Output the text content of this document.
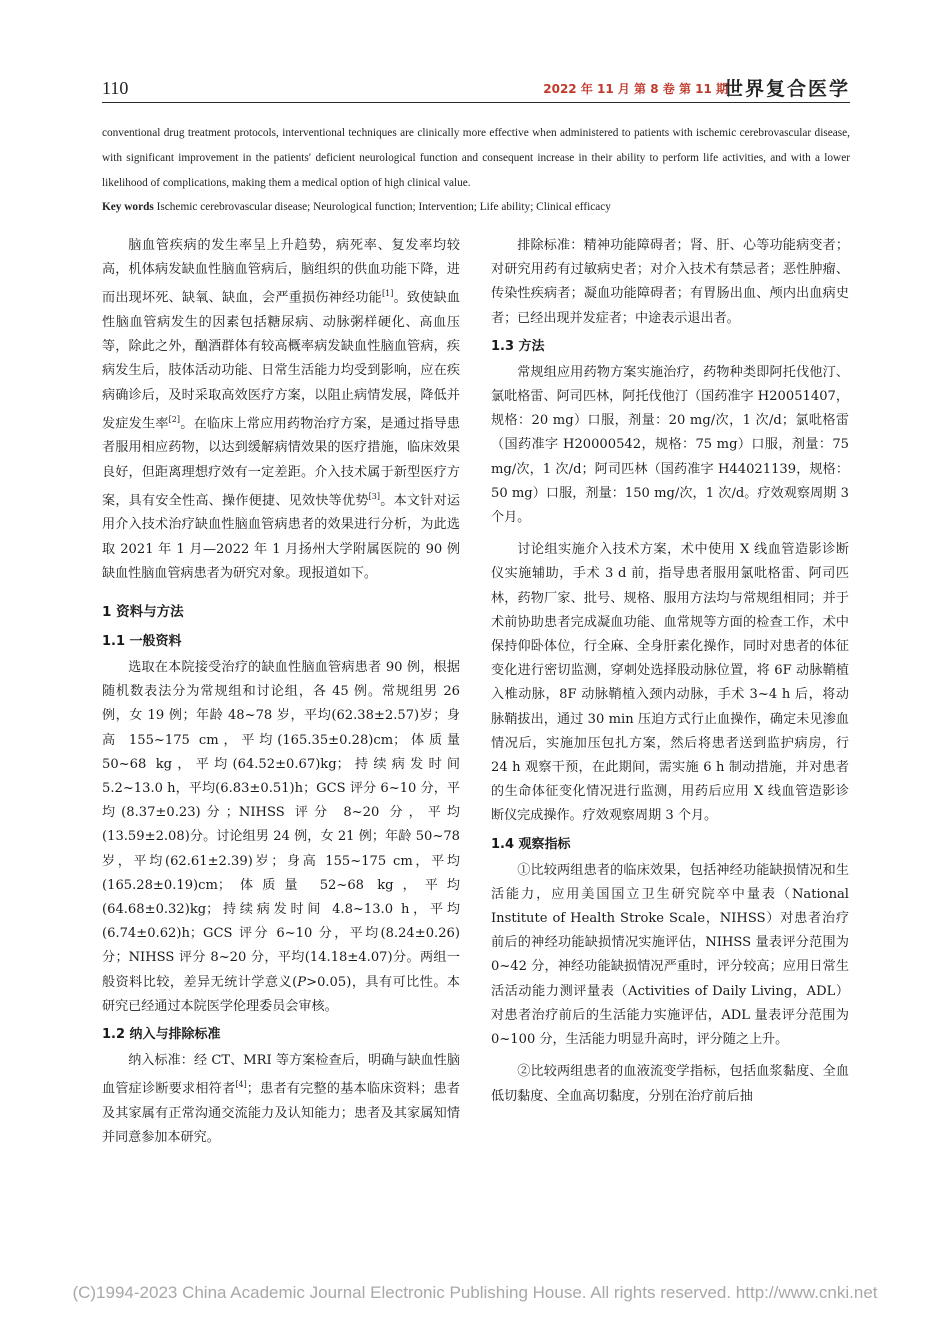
110	2022 年 11 月 第 8 卷 第 11 期
世界复合医学

conventional drug treatment protocols, interventional techniques are clinically more effective when administered to patients with ischemic cerebrovascular disease, with significant improvement in the patients′ deficient neurological function and consequent increase in their ability to perform life activities, and with a lower likelihood of complications, making them a medical option of high clinical value.

Key words Ischemic cerebrovascular disease; Neurological function; Intervention; Life ability; Clinical efficacy

脑血管疾病的发生率呈上升趋势，病死率、复发率均较高，机体病发缺血性脑血管病后，脑组织的供血功能下降，进而出现坏死、缺氧、缺血，会严重损伤神经功能[1]。致使缺血性脑血管病发生的因素包括糖尿病、动脉粥样硬化、高血压等，除此之外，酗酒群体有较高概率病发缺血性脑血管病，疾病发生后，肢体活动功能、日常生活能力均受到影响，应在疾病确诊后，及时采取高效医疗方案，以阻止病情发展，降低并发症发生率[2]。在临床上常应用药物治疗方案，是通过指导患者服用相应药物，以达到缓解病情效果的医疗措施，临床效果良好，但距离理想疗效有一定差距。介入技术属于新型医疗方案，具有安全性高、操作便捷、见效快等优势[3]。本文针对运用介入技术治疗缺血性脑血管病患者的效果进行分析，为此选取 2021 年 1 月—2022 年 1 月扬州大学附属医院的 90 例缺血性脑血管病患者为研究对象。现报道如下。

1 资料与方法
1.1 一般资料

选取在本院接受治疗的缺血性脑血管病患者 90 例，根据随机数表法分为常规组和讨论组，各 45 例。常规组男 26 例，女 19 例；年龄 48~78 岁，平均(62.38±2.57)岁；身高 155~175 cm，平均(165.35±0.28)cm；体质量 50~68 kg，平均(64.52±0.67)kg；持续病发时间 5.2~13.0 h，平均(6.83±0.51)h；GCS 评分 6~10 分，平均(8.37±0.23)分；NIHSS 评分 8~20 分，平均(13.59±2.08)分。讨论组男 24 例，女 21 例；年龄 50~78 岁，平均(62.61±2.39)岁；身高 155~175 cm，平均(165.28±0.19)cm；体质量 52~68 kg，平均(64.68±0.32)kg；持续病发时间 4.8~13.0 h，平均(6.74±0.62)h；GCS 评分 6~10 分，平均(8.24±0.26)分；NIHSS 评分 8~20 分，平均(14.18±4.07)分。两组一般资料比较，差异无统计学意义(P>0.05)，具有可比性。本研究已经通过本院医学伦理委员会审核。

1.2 纳入与排除标准

纳入标准：经 CT、MRI 等方案检查后，明确与缺血性脑血管症诊断要求相符者[4]；患者有完整的基本临床资料；患者及其家属有正常沟通交流能力及认知能力；患者及其家属知情并同意参加本研究。

排除标准：精神功能障碍者；肾、肝、心等功能病变者；对研究用药有过敏病史者；对介入技术有禁忌者；恶性肿瘤、传染性疾病者；凝血功能障碍者；有胃肠出血、颅内出血病史者；已经出现并发症者；中途表示退出者。

1.3 方法

常规组应用药物方案实施治疗，药物种类即阿托伐他汀、氯吡格雷、阿司匹林，阿托伐他汀（国药准字 H20051407，规格：20 mg）口服，剂量：20 mg/次，1 次/d；氯吡格雷（国药准字 H20000542，规格：75 mg）口服，剂量：75 mg/次，1 次/d；阿司匹林（国药准字 H44021139，规格：50 mg）口服，剂量：150 mg/次，1 次/d。疗效观察周期 3 个月。

讨论组实施介入技术方案，术中使用 X 线血管造影诊断仪实施辅助，手术 3 d 前，指导患者服用氯吡格雷、阿司匹林，药物厂家、批号、规格、服用方法均与常规组相同；并于术前协助患者完成凝血功能、血常规等方面的检查工作，术中保持仰卧体位，行全麻、全身肝素化操作，同时对患者的体征变化进行密切监测，穿刺处选择股动脉位置，将 6F 动脉鞘植入椎动脉，8F 动脉鞘植入颈内动脉，手术 3~4 h 后，将动脉鞘拔出，通过 30 min 压迫方式行止血操作，确定未见渗血情况后，实施加压包扎方案，然后将患者送到监护病房，行 24 h 观察干预，在此期间，需实施 6 h 制动措施，并对患者的生命体征变化情况进行监测，用药后应用 X 线血管造影诊断仪完成操作。疗效观察周期 3 个月。

1.4 观察指标

①比较两组患者的临床效果，包括神经功能缺损情况和生活能力，应用美国国立卫生研究院卒中量表（National Institute of Health Stroke Scale，NIHSS）对患者治疗前后的神经功能缺损情况实施评估，NIHSS 量表评分范围为 0~42 分，神经功能缺损情况严重时，评分较高；应用日常生活活动能力测评量表（Activities of Daily Living，ADL）对患者治疗前后的生活能力实施评估，ADL 量表评分范围为 0~100 分，生活能力明显升高时，评分随之上升。

②比较两组患者的血液流变学指标，包括血浆黏度、全血低切黏度、全血高切黏度，分别在治疗前后抽

(C)1994-2023 China Academic Journal Electronic Publishing House. All rights reserved. http://www.cnki.net
